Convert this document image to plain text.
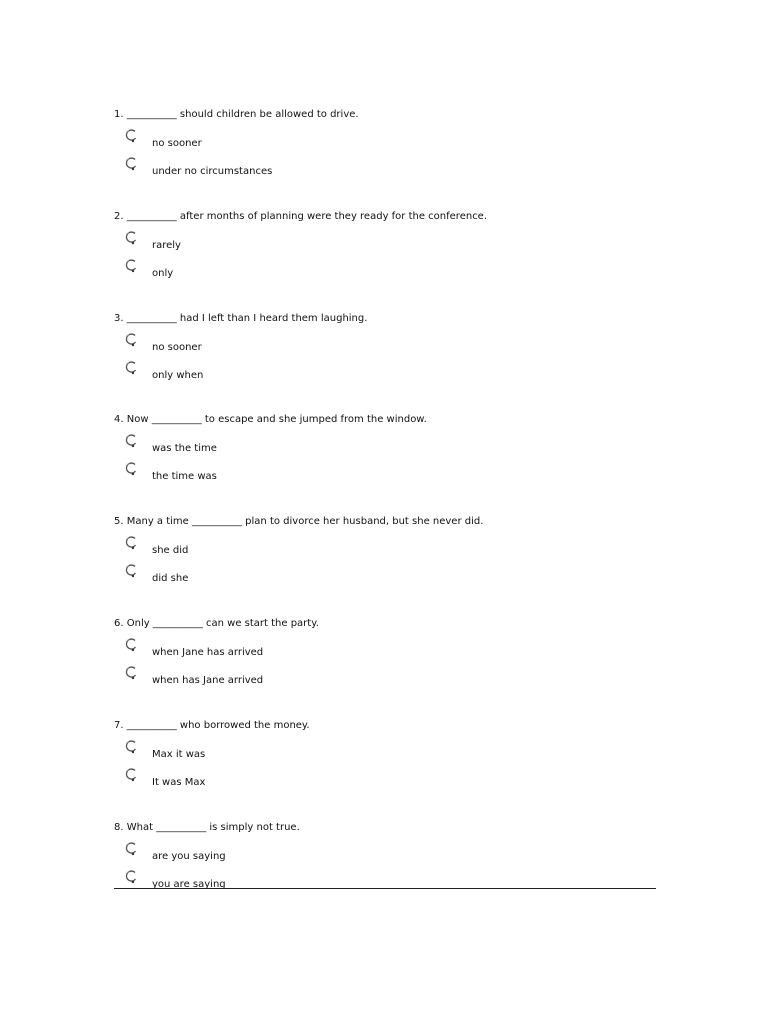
1. __________ should children be allowed to drive.
no sooner
under no circumstances
2. __________ after months of planning were they ready for the conference.
rarely
only
3. __________ had I left than I heard them laughing.
no sooner
only when
4. Now __________ to escape and she jumped from the window.
was the time
the time was
5. Many a time __________ plan to divorce her husband, but she never did.
she did
did she
6. Only __________ can we start the party.
when Jane has arrived
when has Jane arrived
7. __________ who borrowed the money.
Max it was
It was Max
8. What __________ is simply not true.
are you saying
you are saying
